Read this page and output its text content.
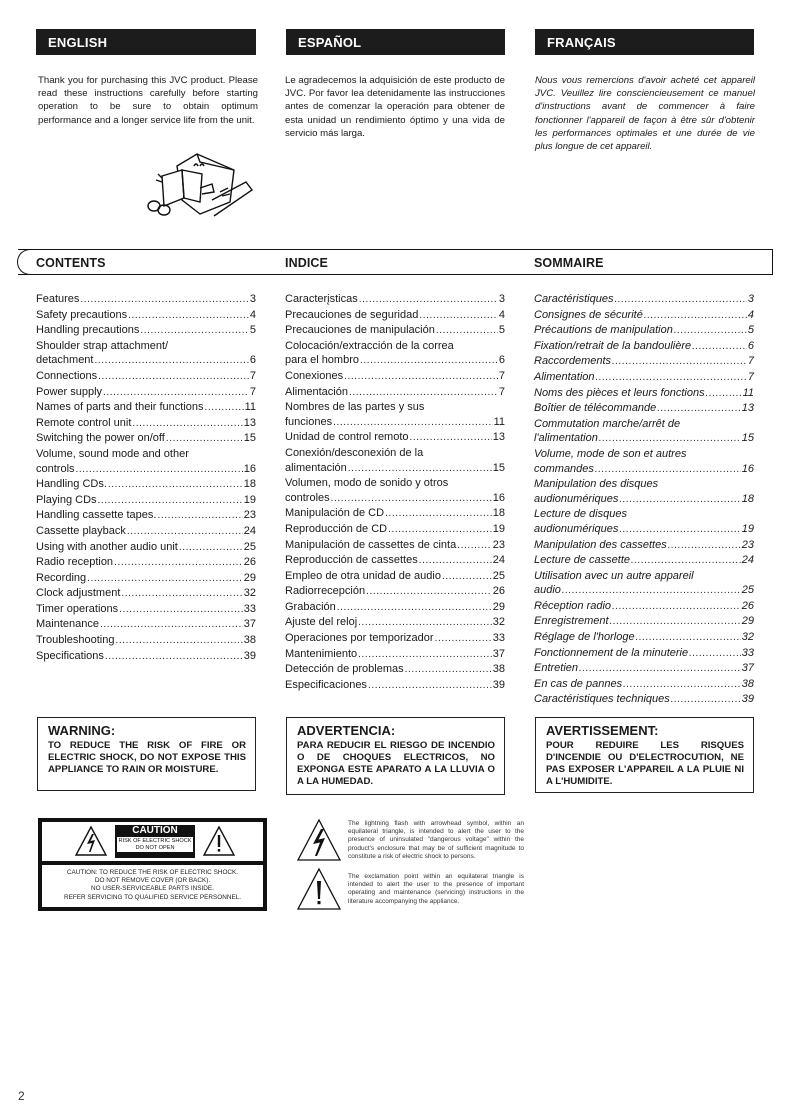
ENGLISH	ESPAÑOL	FRANÇAIS
Thank you for purchasing this JVC product. Please read these instructions carefully before starting operation to be sure to obtain optimum performance and a longer service life from the unit.
Le agradecemos la adquisición de este producto de JVC. Por favor lea detenidamente las instrucciones antes de comenzar la operación para obtener de esta unidad un rendimiento óptimo y una vida de servicio más larga.
Nous vous remercions d'avoir acheté cet appareil JVC. Veuillez lire consciencieusement ce manuel d'instructions avant de commencer à faire fonctionner l'appareil de façon à être sûr d'obtenir les performances optimales et une durée de vie plus longue de cet appareil.
CONTENTS	INDICE	SOMMAIRE
Features .....	3
Safety precautions .....	4
Handling precautions .....	5
Shoulder strap attachment/
detachment .....	6
Connections .....	7
Power supply .....	7
Names of parts and their functions .....	11
Remote control unit .....	13
Switching the power on/off .....	15
Volume, sound mode and other
controls .....	16
Handling CDs. .....	18
Playing CDs .....	19
Handling cassette tapes. .....	23
Cassette playback .....	24
Using with another audio unit .....	25
Radio reception .....	26
Recording .....	29
Clock adjustment .....	32
Timer operations .....	33
Maintenance .....	37
Troubleshooting .....	38
Specifications .....	39
Caracterįsticas .....	3
Precauciones de seguridad .....	4
Precauciones de manipulación .....	5
Colocación/extracción de la correa
para el hombro .....	6
Conexiones .....	7
Alimentación .....	7
Nombres de las partes y sus
funciones .....	11
Unidad de control remoto .....	13
Conexión/desconexión de la
alimentación .....	15
Volumen, modo de sonido y otros
controles .....	16
Manipulación de CD .....	18
Reproducción de CD .....	19
Manipulación de cassettes de cinta .....	23
Reproducción de cassettes .....	24
Empleo de otra unidad de audio .....	25
Radiorrecepción .....	26
Grabación .....	29
Ajuste del reloj .....	32
Operaciones por temporizador .....	33
Mantenimiento .....	37
Detección de problemas .....	38
Especificaciones .....	39
Caractéristiques .....	3
Consignes de sécurité .....	4
Précautions de manipulation .....	5
Fixation/retrait de la bandoulière .....	6
Raccordements .....	7
Alimentation .....	7
Noms des pièces et leurs fonctions .....	11
Boîtier de télécommande .....	13
Commutation marche/arrêt de
l'alimentation .....	15
Volume, mode de son et autres
commandes .....	16
Manipulation des disques
audionumériques .....	18
Lecture de disques
audionumériques .....	19
Manipulation des cassettes .....	23
Lecture de cassette .....	24
Utilisation avec un autre appareil
audio .....	25
Réception radio .....	26
Enregistrement .....	29
Réglage de l'horloge .....	32
Fonctionnement de la minuterie .....	33
Entretien .....	37
En cas de pannes .....	38
Caractéristiques techniques .....	39
WARNING:
TO REDUCE THE RISK OF FIRE OR ELECTRIC SHOCK, DO NOT EXPOSE THIS APPLIANCE TO RAIN OR MOISTURE.
ADVERTENCIA:
PARA REDUCIR EL RIESGO DE INCENDIO O DE CHOQUES ELECTRICOS, NO EXPONGA ESTE APARATO A LA LLUVIA O A LA HUMEDAD.
AVERTISSEMENT:
POUR REDUIRE LES RISQUES D'INCENDIE OU D'ELECTROCUTION, NE PAS EXPOSER L'APPAREIL A LA PLUIE NI A L'HUMIDITE.
CAUTION
RISK OF ELECTRIC SHOCK
DO NOT OPEN
CAUTION: TO REDUCE THE RISK OF ELECTRIC SHOCK.
DO NOT REMOVE COVER (OR BACK).
NO USER-SERVICEABLE PARTS INSIDE.
REFER SERVICING TO QUALIFIED SERVICE PERSONNEL.
The lightning flash with arrowhead symbol, within an equilateral triangle, is intended to alert the user to the presence of uninsulated "dangerous voltage" within the product's enclosure that may be of sufficient magnitude to constitute a risk of electric shock to persons.
The exclamation point within an equilateral triangle is intended to alert the user to the presence of important operating and maintenance (servicing) instructions in the literature accompanying the appliance.
2
